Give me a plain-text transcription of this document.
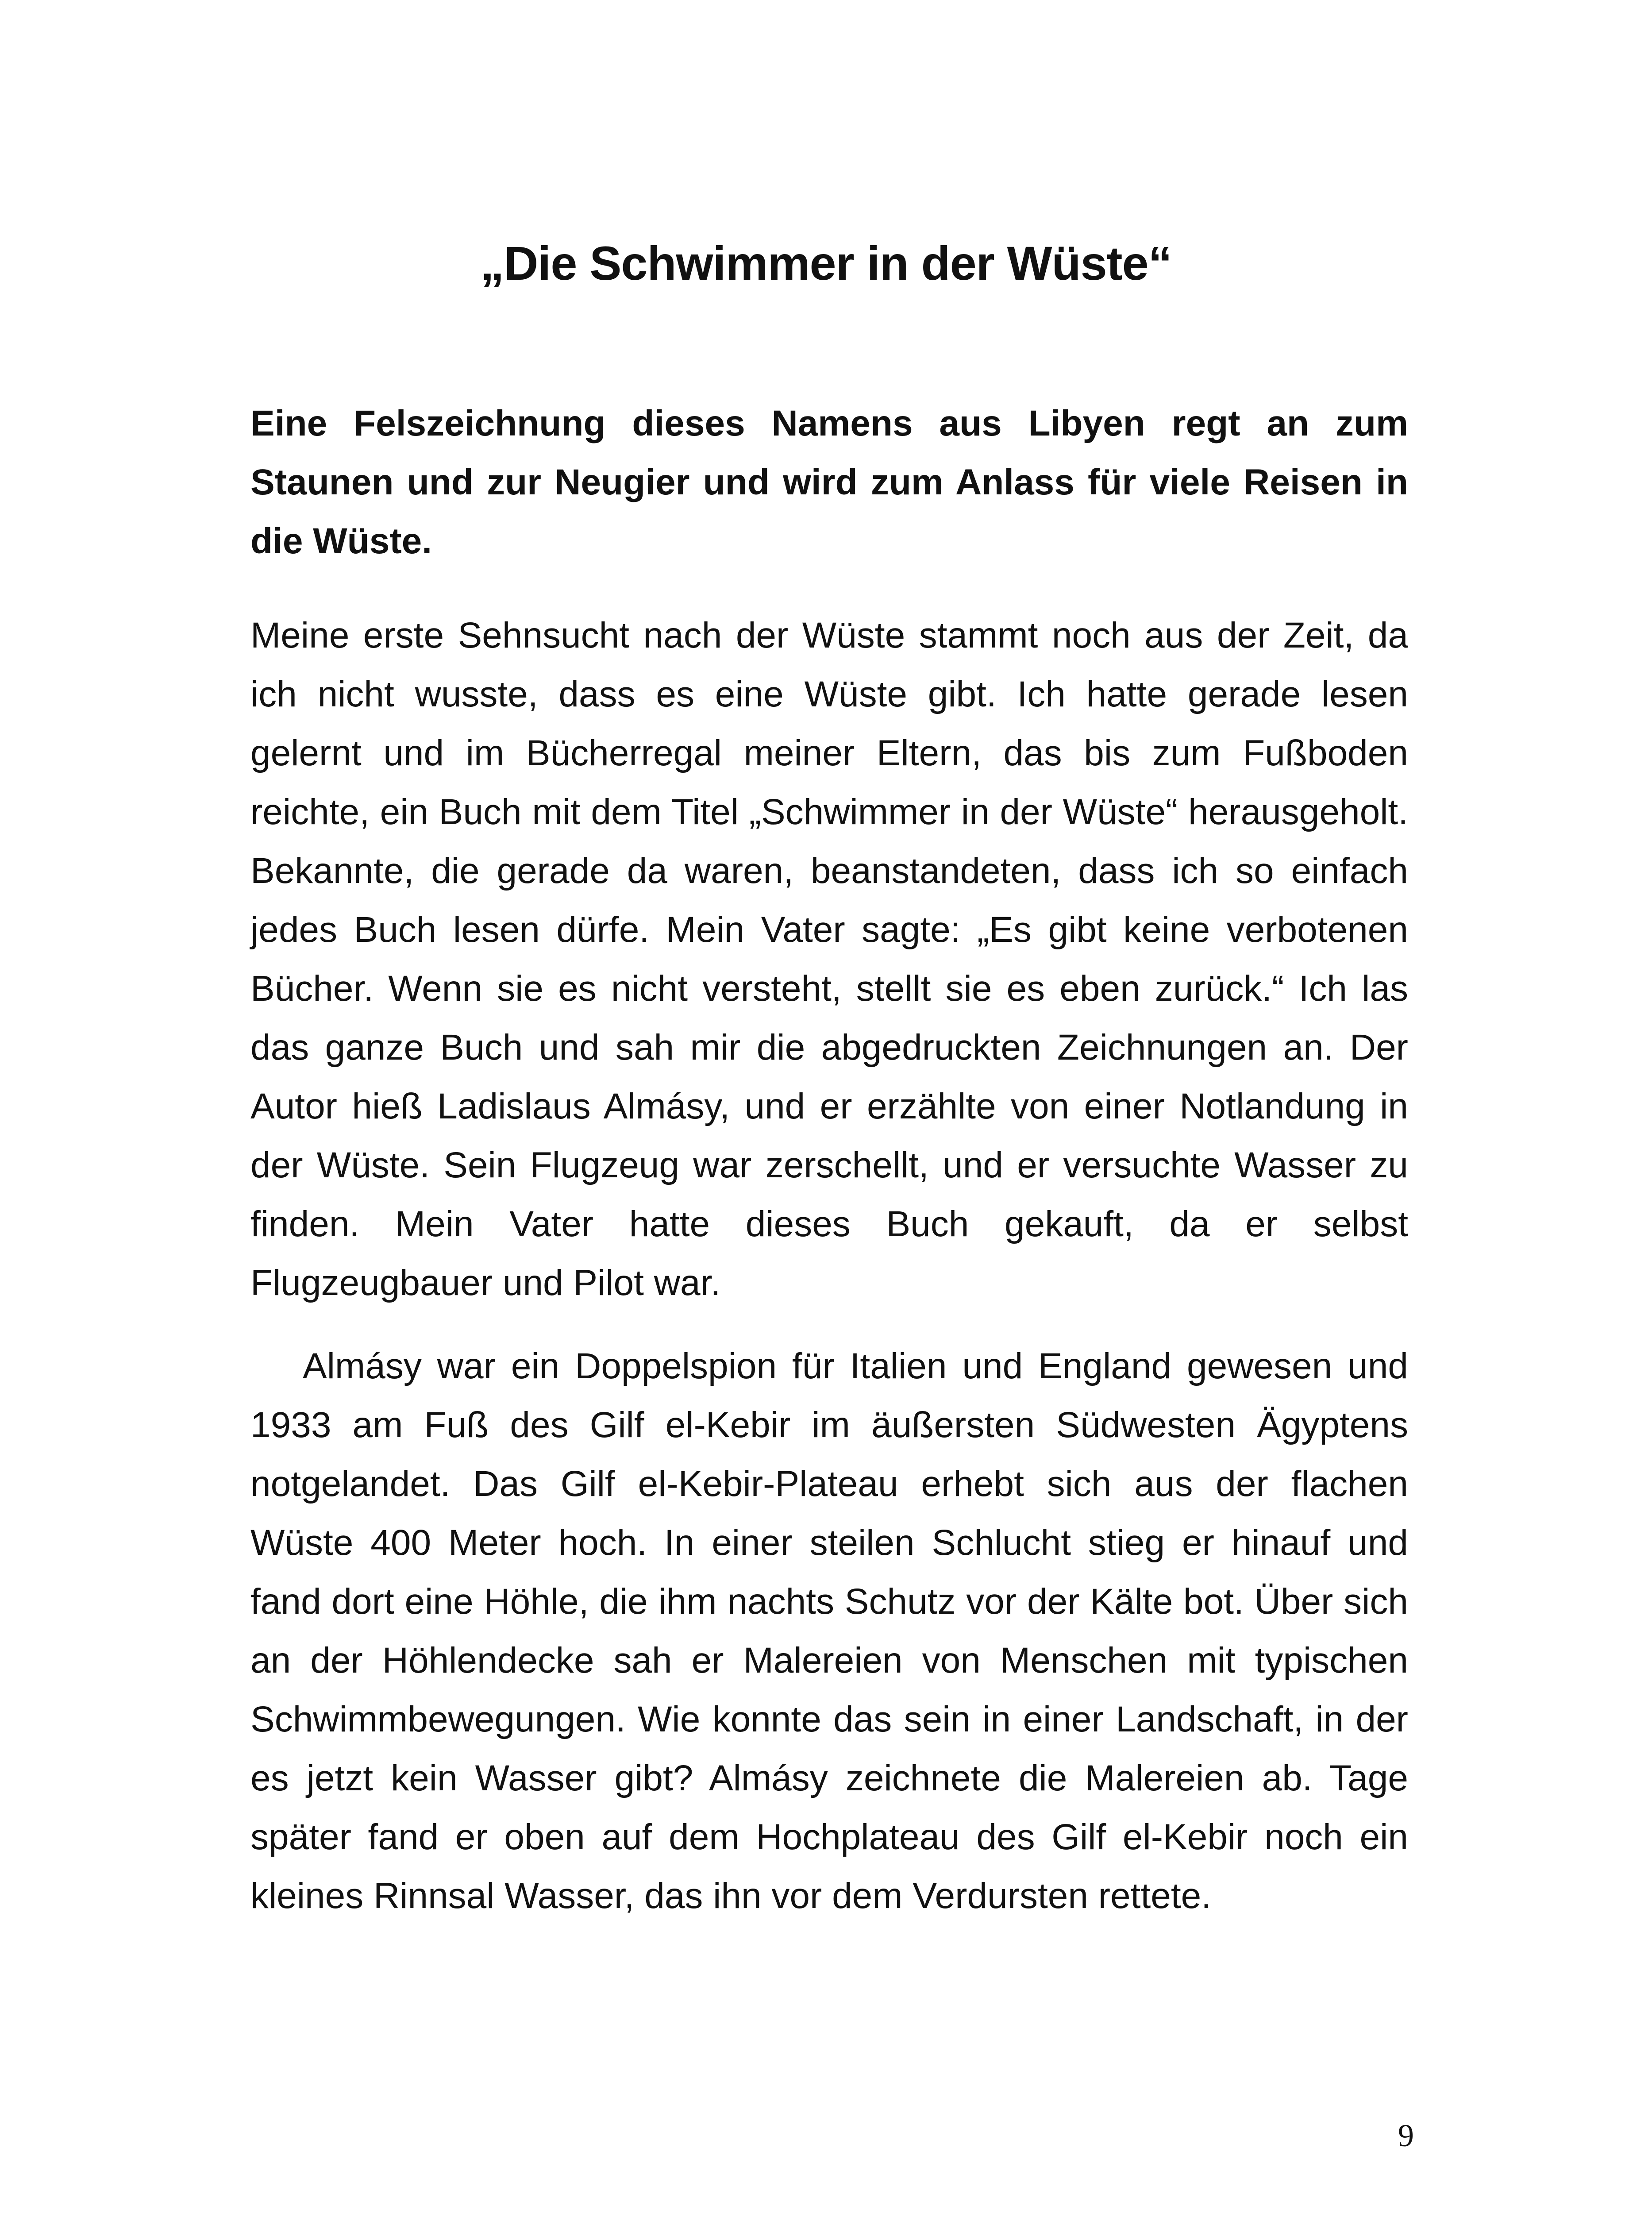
„Die Schwimmer in der Wüste“

Eine Felszeichnung dieses Namens aus Libyen regt an zum Staunen und zur Neugier und wird zum Anlass für viele Reisen in die Wüste.

Meine erste Sehnsucht nach der Wüste stammt noch aus der Zeit, da ich nicht wusste, dass es eine Wüste gibt. Ich hatte gerade lesen gelernt und im Bücherregal meiner Eltern, das bis zum Fußboden reichte, ein Buch mit dem Titel „Schwimmer in der Wüste“ herausgeholt. Bekannte, die gerade da waren, beanstandeten, dass ich so einfach jedes Buch lesen dürfe. Mein Vater sagte: „Es gibt keine verbotenen Bücher. Wenn sie es nicht versteht, stellt sie es eben zurück.“ Ich las das ganze Buch und sah mir die abgedruckten Zeichnungen an. Der Autor hieß Ladislaus Almásy, und er erzählte von einer Notlandung in der Wüste. Sein Flugzeug war zerschellt, und er versuchte Wasser zu finden. Mein Vater hatte dieses Buch gekauft, da er selbst Flugzeugbauer und Pilot war.

Almásy war ein Doppelspion für Italien und England gewesen und 1933 am Fuß des Gilf el-Kebir im äußersten Südwesten Ägyptens notgelandet. Das Gilf el-Kebir-Plateau erhebt sich aus der flachen Wüste 400 Meter hoch. In einer steilen Schlucht stieg er hinauf und fand dort eine Höhle, die ihm nachts Schutz vor der Kälte bot. Über sich an der Höhlendecke sah er Malereien von Menschen mit typischen Schwimmbewegungen. Wie konnte das sein in einer Landschaft, in der es jetzt kein Wasser gibt? Almásy zeichnete die Malereien ab. Tage später fand er oben auf dem Hochplateau des Gilf el-Kebir noch ein kleines Rinnsal Wasser, das ihn vor dem Verdursten rettete.

9
